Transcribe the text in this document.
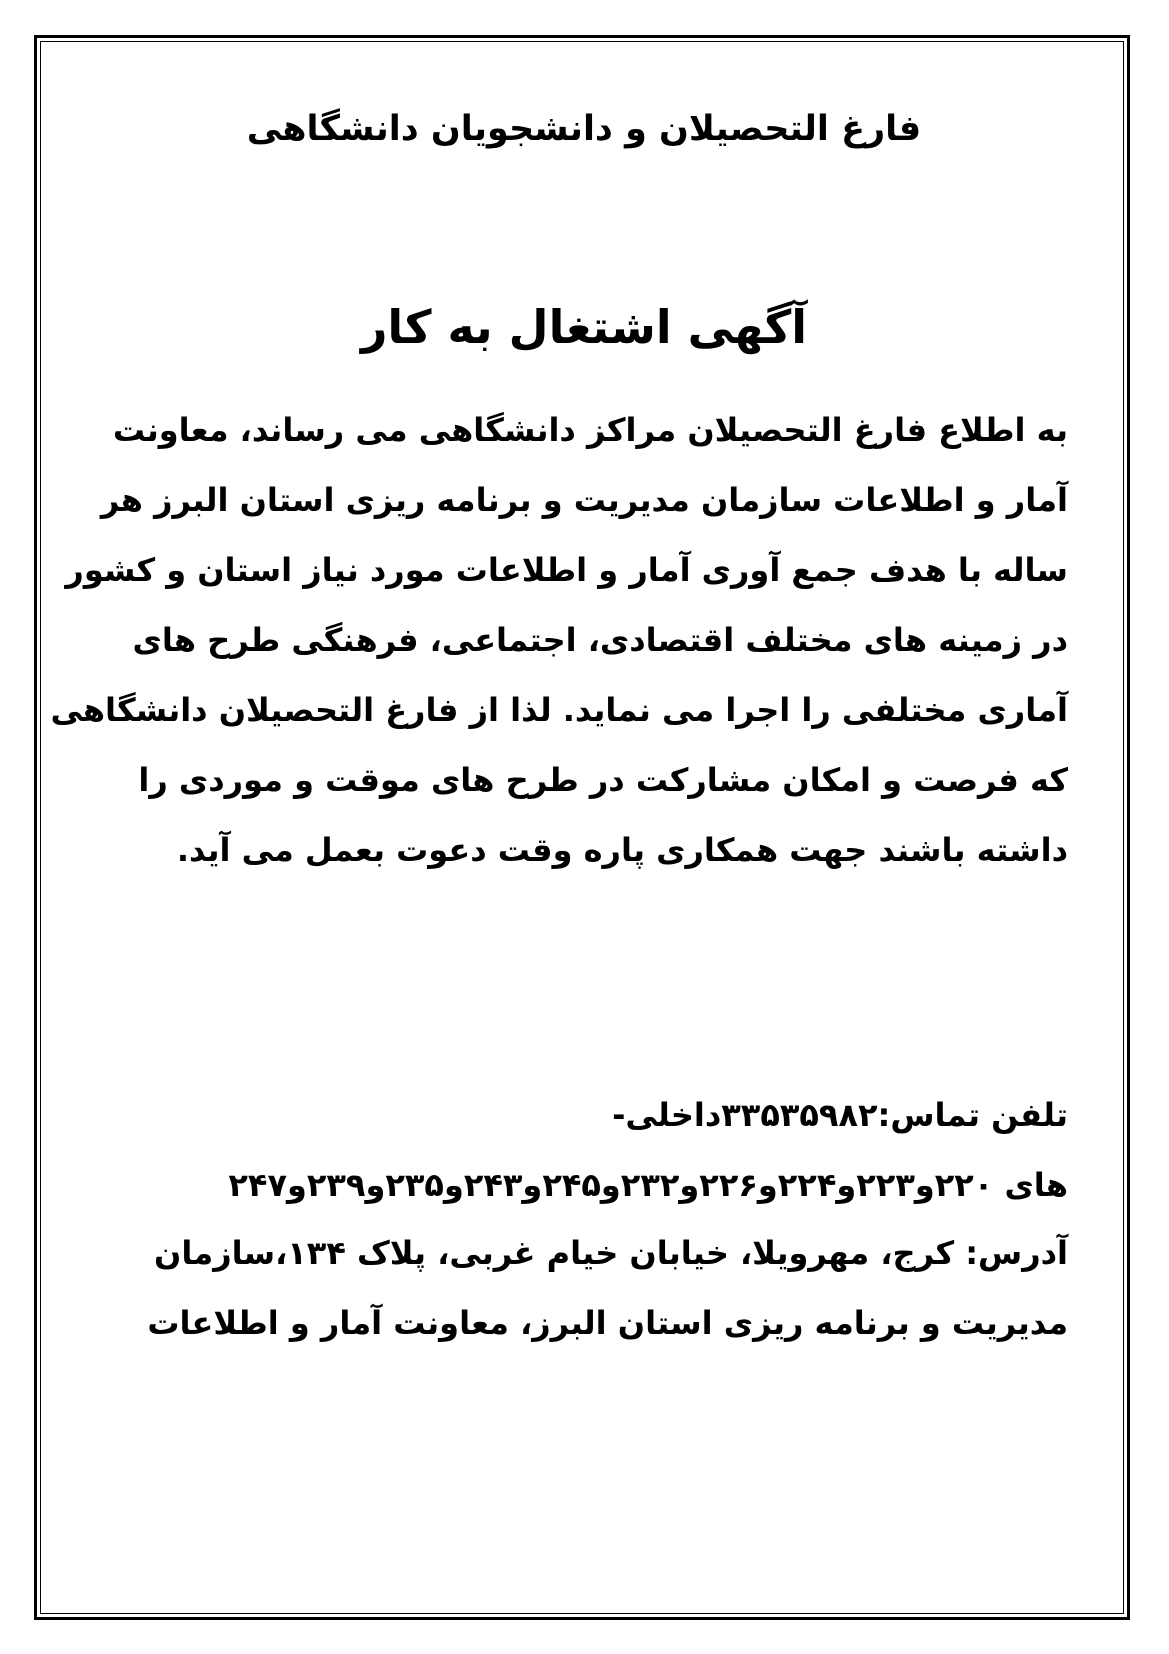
فارغ التحصیلان و دانشجویان دانشگاهی
آگهی اشتغال به کار
به اطلاع فارغ التحصیلان مراکز دانشگاهی می رساند، معاونت
آمار و اطلاعات سازمان مدیریت و برنامه ریزی استان البرز هر
ساله با هدف جمع آوری آمار و اطلاعات مورد نیاز استان و کشور
در زمینه های مختلف اقتصادی، اجتماعی، فرهنگی طرح های
آماری مختلفی را اجرا می نماید. لذا از فارغ التحصیلان دانشگاهی
که فرصت و امکان مشارکت در طرح های موقت و موردی را
داشته باشند جهت همکاری پاره وقت دعوت بعمل می آید.
تلفن تماس:۳۳۵۳۵۹۸۲داخلی-
های ۲۲۰و۲۲۳و۲۲۴و۲۲۶و۲۳۲و۲۴۵و۲۴۳و۲۳۵و۲۳۹و۲۴۷
آدرس: کرج، مهرویلا، خیابان خیام غربی، پلاک ۱۳۴،سازمان
مدیریت و برنامه ریزی استان البرز، معاونت آمار و اطلاعات
